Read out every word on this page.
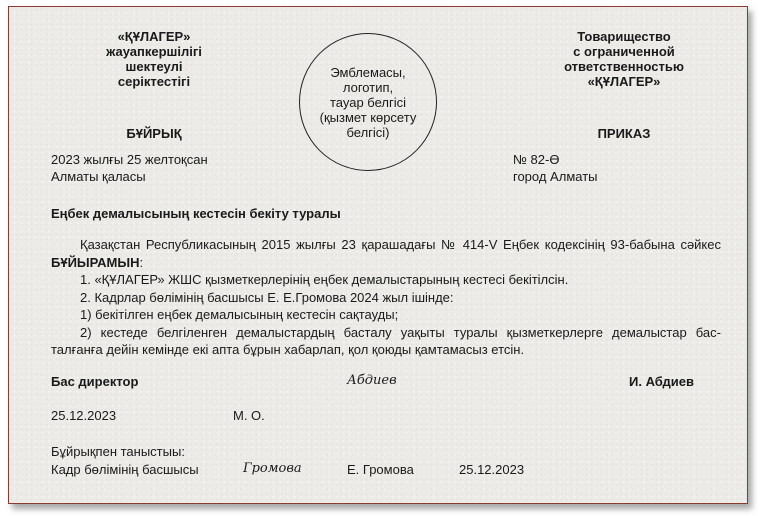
«ҚҰЛАГЕР»
жауапкершілігі
шектеулі
серіктестігі
Эмблемасы,
логотип,
тауар белгісі
(қызмет көрсету
белгісі)
Товарищество
с ограниченной
ответственностью
«ҚҰЛАГЕР»
БҰЙРЫҚ	ПРИКАЗ
2023 жылғы 25 желтоқсан
Алматы қаласы
№ 82-Ө
город Алматы
Еңбек демалысының кестесін бекіту туралы
Қазақстан Республикасының 2015 жылғы 23 қарашадағы № 414-V Еңбек кодексінің 93-бабына сәйкес БҰЙЫРАМЫН:
1. «ҚҰЛАГЕР» ЖШС қызметкерлерінің еңбек демалыстарының кестесі бекітілсін.
2. Кадрлар бөлімінің басшысы Е. Е.Громова 2024 жыл ішінде:
1) бекітілген еңбек демалысының кестесін сақтауды;
2) кестеде белгіленген демалыстардың басталу уақыты туралы қызметкерлерге демалыстар бас-талғанға дейін кемінде екі апта бұрын хабарлап, қол қоюды қамтамасыз етсін.
Бас директор	Абдиев	И. Абдиев
25.12.2023	М. О.
Бұйрықпен таныстыы:
Кадр бөлімінің басшысы	Громова	Е. Громова	25.12.2023
